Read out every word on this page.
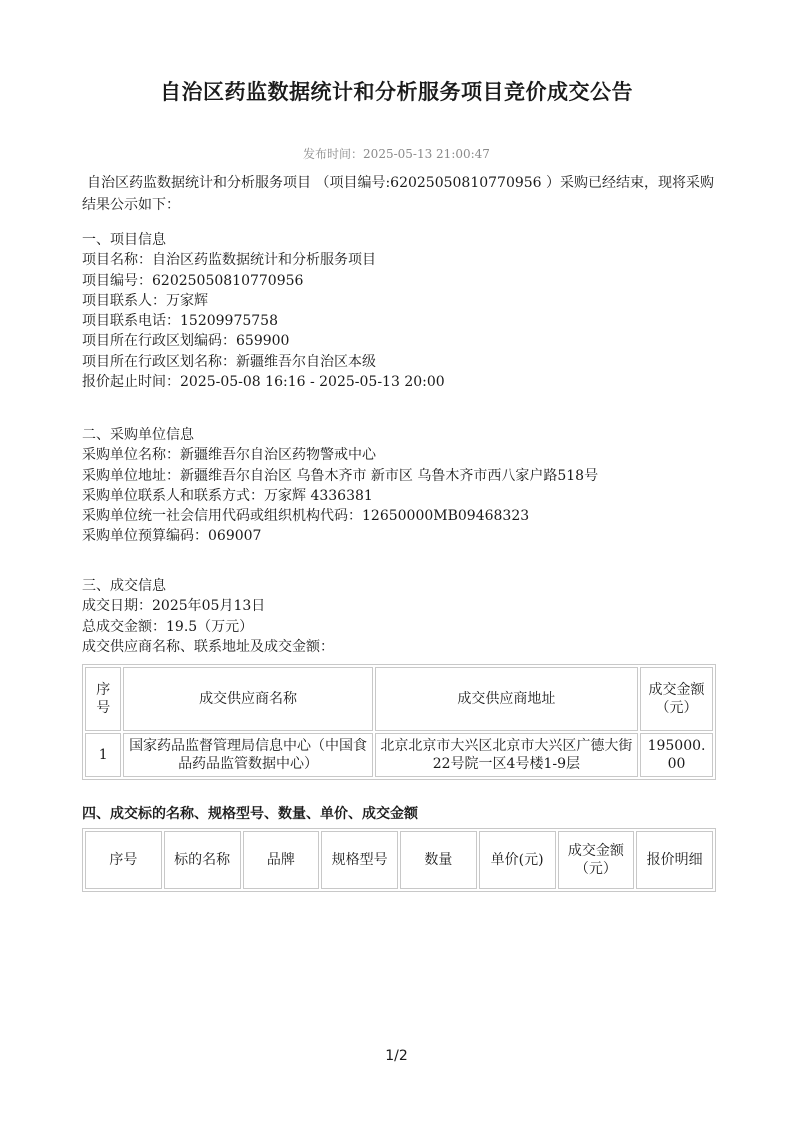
自治区药监数据统计和分析服务项目竞价成交公告
发布时间：2025-05-13 21:00:47
自治区药监数据统计和分析服务项目 （项目编号:62025050810770956 ）采购已经结束，现将采购结果公示如下：
一、项目信息
项目名称：自治区药监数据统计和分析服务项目
项目编号：62025050810770956
项目联系人：万家辉
项目联系电话：15209975758
项目所在行政区划编码：659900
项目所在行政区划名称：新疆维吾尔自治区本级
报价起止时间：2025-05-08 16:16 - 2025-05-13 20:00
二、采购单位信息
采购单位名称：新疆维吾尔自治区药物警戒中心
采购单位地址：新疆维吾尔自治区 乌鲁木齐市 新市区 乌鲁木齐市西八家户路518号
采购单位联系人和联系方式：万家辉 4336381
采购单位统一社会信用代码或组织机构代码：12650000MB09468323
采购单位预算编码：069007
三、成交信息
成交日期：2025年05月13日
总成交金额：19.5（万元）
成交供应商名称、联系地址及成交金额：
序号	成交供应商名称	成交供应商地址	成交金额（元）
1	国家药品监督管理局信息中心（中国食品药品监管数据中心）	北京北京市大兴区北京市大兴区广德大街22号院一区4号楼1-9层	195000.00
四、成交标的名称、规格型号、数量、单价、成交金额
序号	标的名称	品牌	规格型号	数量	单价(元)	成交金额（元）	报价明细
1/2
